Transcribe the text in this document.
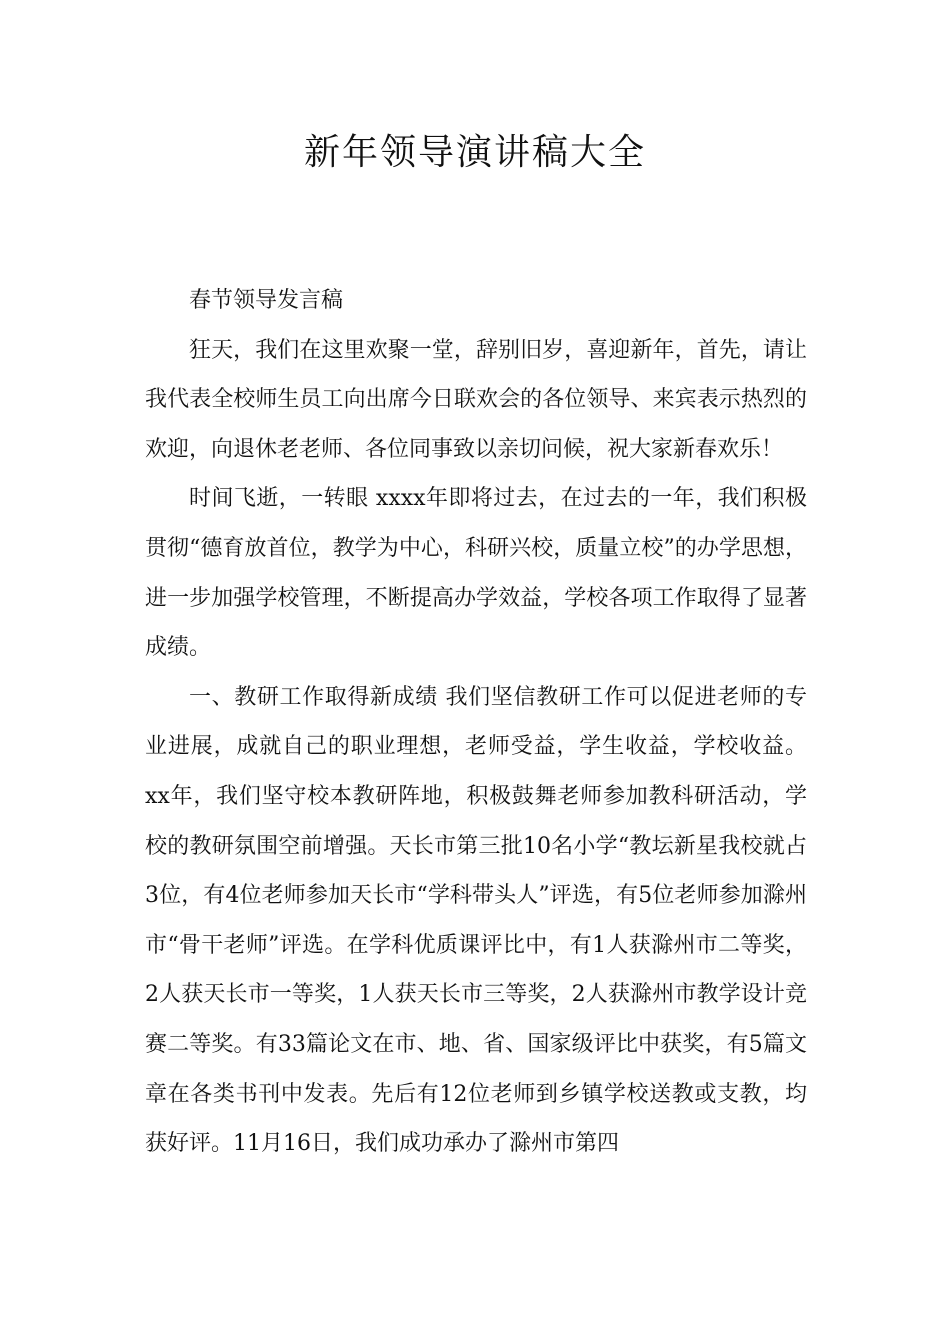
新年领导演讲稿大全

春节领导发言稿

狂天，我们在这里欢聚一堂，辞别旧岁，喜迎新年，首先，请让我代表全校师生员工向出席今日联欢会的各位领导、来宾表示热烈的欢迎，向退休老老师、各位同事致以亲切问候，祝大家新春欢乐！

时间飞逝，一转眼 xxxx年即将过去，在过去的一年，我们积极贯彻“德育放首位，教学为中心，科研兴校，质量立校”的办学思想，进一步加强学校管理，不断提高办学效益，学校各项工作取得了显著成绩。

一、教研工作取得新成绩 我们坚信教研工作可以促进老师的专业进展，成就自己的职业理想，老师受益，学生收益，学校收益。xx年，我们坚守校本教研阵地，积极鼓舞老师参加教科研活动，学校的教研氛围空前增强。天长市第三批10名小学“教坛新星我校就占3位，有4位老师参加天长市“学科带头人”评选，有5位老师参加滁州市“骨干老师”评选。在学科优质课评比中，有1人获滁州市二等奖，2人获天长市一等奖，1人获天长市三等奖，2人获滁州市教学设计竞赛二等奖。有33篇论文在市、地、省、国家级评比中获奖，有5篇文章在各类书刊中发表。先后有12位老师到乡镇学校送教或支教，均获好评。11月16日，我们成功承办了滁州市第四
